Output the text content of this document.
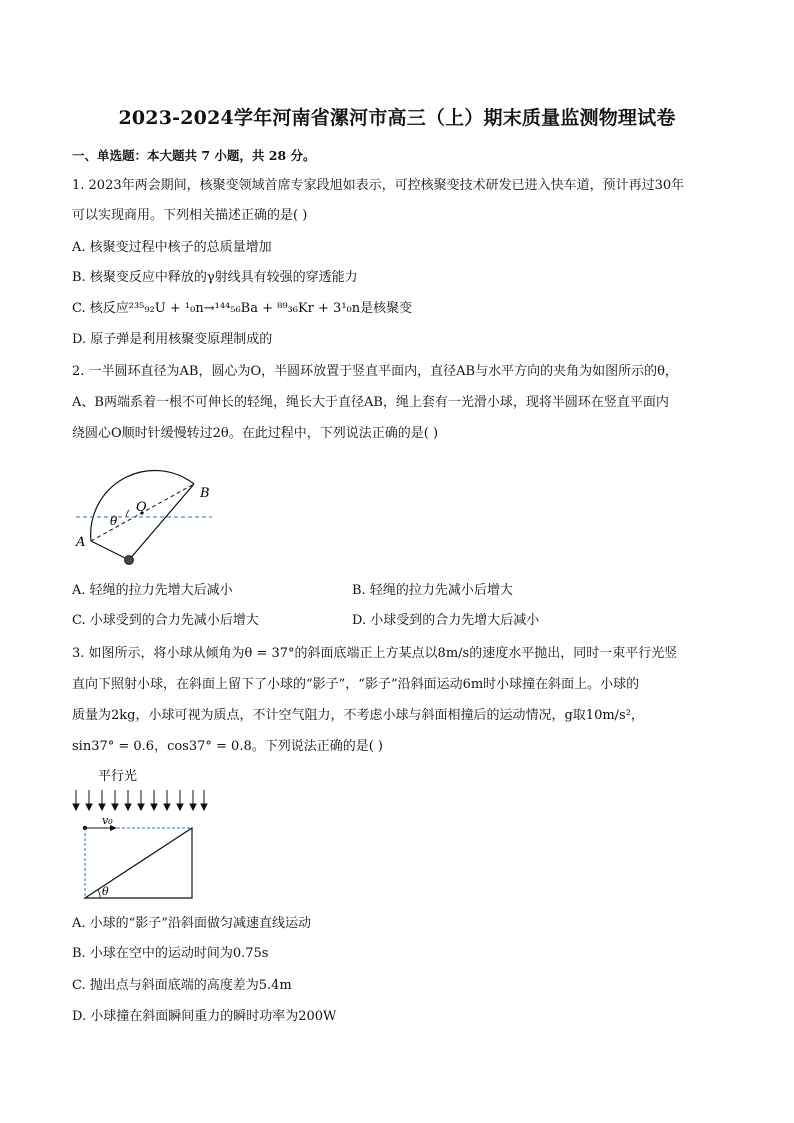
2023-2024学年河南省漯河市高三（上）期末质量监测物理试卷
一、单选题：本大题共 7 小题，共 28 分。
1. 2023年两会期间，核聚变领域首席专家段旭如表示，可控核聚变技术研发已进入快车道，预计再过30年
可以实现商用。下列相关描述正确的是( )
A. 核聚变过程中核子的总质量增加
B. 核聚变反应中释放的γ射线具有较强的穿透能力
C. 核反应²³⁵₉₂U + ¹₀n→¹⁴⁴₅₆Ba + ⁸⁹₃₆Kr + 3¹₀n是核聚变
D. 原子弹是利用核聚变原理制成的
2. 一半圆环直径为AB，圆心为O，半圆环放置于竖直平面内，直径AB与水平方向的夹角为如图所示的θ，
A、B两端系着一根不可伸长的轻绳，绳长大于直径AB，绳上套有一光滑小球，现将半圆环在竖直平面内
绕圆心O顺时针缓慢转过2θ。在此过程中，下列说法正确的是( )
O
B
A
θ
A. 轻绳的拉力先增大后减小	B. 轻绳的拉力先减小后增大
C. 小球受到的合力先减小后增大	D. 小球受到的合力先增大后减小
3. 如图所示，将小球从倾角为θ = 37°的斜面底端正上方某点以8m/s的速度水平抛出，同时一束平行光竖
直向下照射小球，在斜面上留下了小球的“影子”，“影子”沿斜面运动6m时小球撞在斜面上。小球的
质量为2kg，小球可视为质点，不计空气阻力，不考虑小球与斜面相撞后的运动情况，g取10m/s²，
sin37° = 0.6，cos37° = 0.8。下列说法正确的是( )
平行光
v₀
θ
A. 小球的“影子”沿斜面做匀减速直线运动
B. 小球在空中的运动时间为0.75s
C. 抛出点与斜面底端的高度差为5.4m
D. 小球撞在斜面瞬间重力的瞬时功率为200W
